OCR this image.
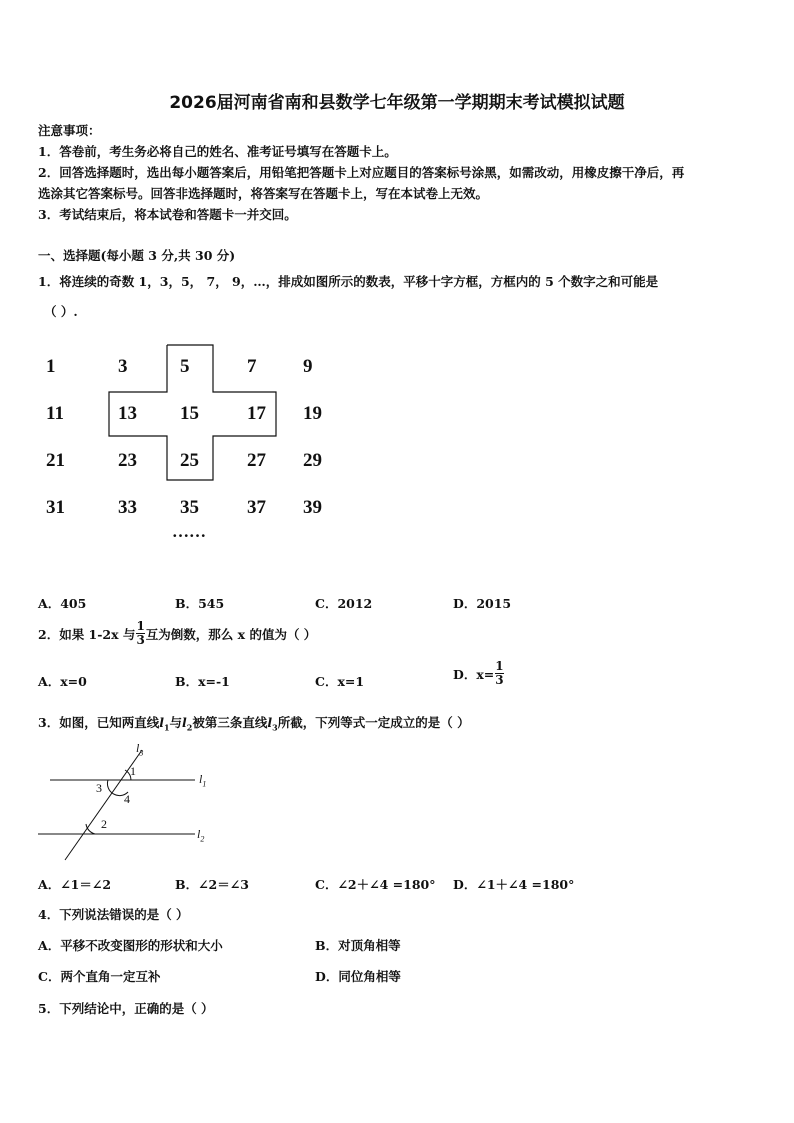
2026届河南省南和县数学七年级第一学期期末考试模拟试题
注意事项：
1．答卷前，考生务必将自己的姓名、准考证号填写在答题卡上。
2．回答选择题时，选出每小题答案后，用铅笔把答题卡上对应题目的答案标号涂黑，如需改动，用橡皮擦干净后，再
选涂其它答案标号。回答非选择题时，将答案写在答题卡上，写在本试卷上无效。
3．考试结束后，将本试卷和答题卡一并交回。
一、选择题(每小题 3 分,共 30 分)
1．将连续的奇数 1，3，5， 7， 9，…，排成如图所示的数表，平移十字方框，方框内的 5 个数字之和可能是
（ ）.
1	3	5	7 9
11	13 15	17 19
21	23 25	27 29
31	33 35	37 39
……
A．405	B．545	C．2012	D．2015
2．如果 1-2x 与 $\frac{1}{3}$ 互为倒数，那么 x 的值为（ ）
A．x=0	B．x=-1	C．x=1	D．$x= \frac{1}{3}$
3．如图，已知两直线$l_1$与$l_2$被第三条直线$l_3$所截，下列等式一定成立的是（ ）
$l_3$
$l_1$
$l_2$
1
3
4
2
A．∠1＝∠2	B．∠2＝∠3	C．∠2＋∠4 =180° D．∠1＋∠4 =180°
4．下列说法错误的是（ ）
A．平移不改变图形的形状和大小	B．对顶角相等
C．两个直角一定互补	D．同位角相等
5．下列结论中，正确的是（ ）
